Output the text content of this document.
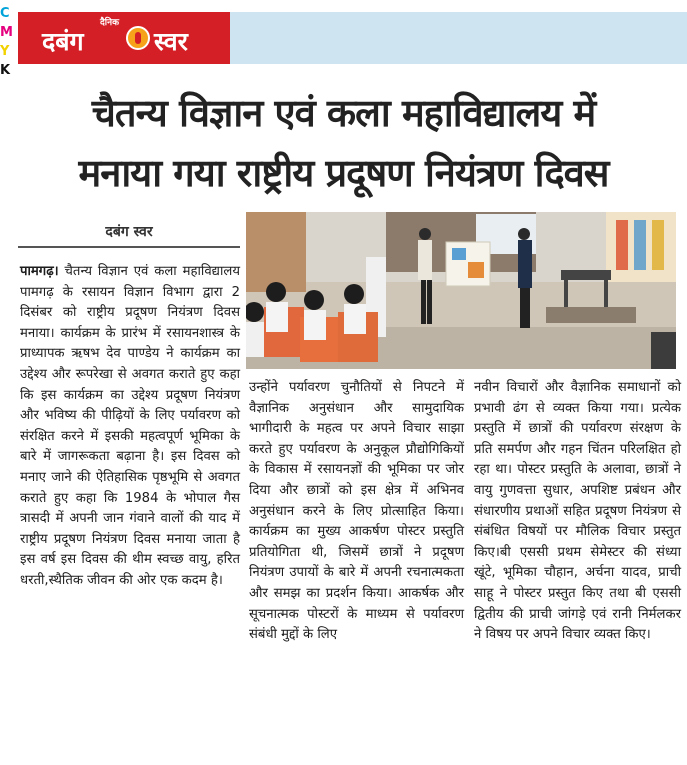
C
M
Y
K
दैनिक
दबंग	स्वर
चैतन्य विज्ञान एवं कला महाविद्यालय में
मनाया गया राष्ट्रीय प्रदूषण नियंत्रण दिवस
दबंग स्वर

पामगढ़। चैतन्य विज्ञान एवं कला महाविद्यालय पामगढ़ के रसायन विज्ञान विभाग द्वारा 2 दिसंबर को राष्ट्रीय प्रदूषण नियंत्रण दिवस मनाया। कार्यक्रम के प्रारंभ में रसायनशास्त्र के प्राध्यापक ऋषभ देव पाण्डेय ने कार्यक्रम का उद्देश्य और रूपरेखा से अवगत कराते हुए कहा कि इस कार्यक्रम का उद्देश्य प्रदूषण नियंत्रण और भविष्य की पीढ़ियों के लिए पर्यावरण को संरक्षित करने में इसकी महत्वपूर्ण भूमिका के बारे में जागरूकता बढ़ाना है। इस दिवस को मनाए जाने की ऐतिहासिक पृष्ठभूमि से अवगत कराते हुए कहा कि 1984 के भोपाल गैस त्रासदी में अपनी जान गंवाने वालों की याद में राष्ट्रीय प्रदूषण नियंत्रण दिवस मनाया जाता है इस वर्ष इस दिवस की थीम स्वच्छ वायु, हरित धरती,स्थैतिक जीवन की ओर एक कदम है।

उन्होंने पर्यावरण चुनौतियों से निपटने में वैज्ञानिक अनुसंधान और सामुदायिक भागीदारी के महत्व पर अपने विचार साझा करते हुए पर्यावरण के अनुकूल प्रौद्योगिकियों के विकास में रसायनज्ञों की भूमिका पर जोर दिया और छात्रों को इस क्षेत्र में अभिनव अनुसंधान करने के लिए प्रोत्साहित किया। कार्यक्रम का मुख्य आकर्षण पोस्टर प्रस्तुति प्रतियोगिता थी, जिसमें छात्रों ने प्रदूषण नियंत्रण उपायों के बारे में अपनी रचनात्मकता और समझ का प्रदर्शन किया। आकर्षक और सूचनात्मक पोस्टरों के माध्यम से पर्यावरण संबंधी मुद्दों के लिए

नवीन विचारों और वैज्ञानिक समाधानों को प्रभावी ढंग से व्यक्त किया गया। प्रत्येक प्रस्तुति में छात्रों की पर्यावरण संरक्षण के प्रति समर्पण और गहन चिंतन परिलक्षित हो रहा था। पोस्टर प्रस्तुति के अलावा, छात्रों ने वायु गुणवत्ता सुधार, अपशिष्ट प्रबंधन और संधारणीय प्रथाओं सहित प्रदूषण नियंत्रण से संबंधित विषयों पर मौलिक विचार प्रस्तुत किए।बी एससी प्रथम सेमेस्टर की संध्या खूंटे, भूमिका चौहान, अर्चना यादव, प्राची साहू ने पोस्टर प्रस्तुत किए तथा बी एससी द्वितीय की प्राची जांगड़े एवं रानी निर्मलकर ने विषय पर अपने विचार व्यक्त किए।
